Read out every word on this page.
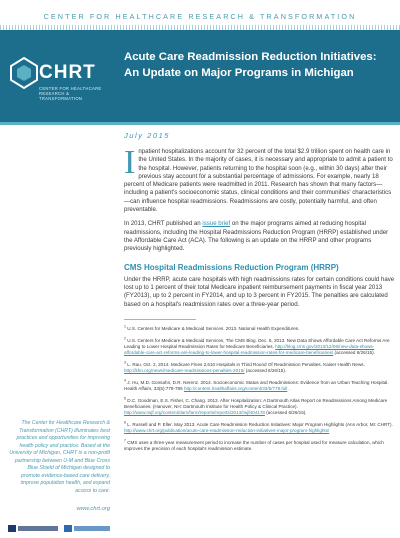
CENTER FOR HEALTHCARE RESEARCH & TRANSFORMATION
CHRT
CENTER FOR HEALTHCARE RESEARCH & TRANSFORMATION
Acute Care Readmission Reduction Initiatives:
An Update on Major Programs in Michigan
July 2015

I npatient hospitalizations account for 32 percent of the total $2.9 trillion spent on health care in the United States. In the majority of cases, it is necessary and appropriate to admit a patient to the hospital. However, patients returning to the hospital soon (e.g., within 30 days) after their previous stay account for a substantial percentage of admissions. For example, nearly 18 percent of Medicare patients were readmitted in 2011. Research has shown that many factors—including a patient's socioeconomic status, clinical conditions and their communities' characteristics—can influence hospital readmissions. Readmissions are costly, potentially harmful, and often preventable.

In 2013, CHRT published an issue brief on the major programs aimed at reducing hospital readmissions, including the Hospital Readmissions Reduction Program (HRRP) established under the Affordable Care Act (ACA). The following is an update on the HRRP and other programs previously highlighted.

CMS Hospital Readmissions Reduction Program (HRRP)

Under the HRRP, acute care hospitals with high readmissions rates for certain conditions could have lost up to 1 percent of their total Medicare inpatient reimbursement payments in fiscal year 2013 (FY2013), up to 2 percent in FY2014, and up to 3 percent in FY2015. The penalties are calculated based on a hospital's readmission rates over a three-year period.

$^1$ U.S. Centers for Medicare & Medicaid Services. 2013. National Health Expenditures.

$^2$ U.S. Centers for Medicare & Medicaid Services, The CMS Blog. Dec. 6, 2013. New Data Shows Affordable Care Act Reforms Are Leading to Lower Hospital Readmission Rates for Medicare Beneficiaries. http://blog.cms.gov/2013/12/06/new-data-shows-affordable-care-act-reforms-are-leading-to-lower-hospital-readmission-rates-for-medicare-beneficiaries/ (accessed 6/26/15).

$^3$ L. Rau. Oct. 2, 2014. Medicare Fines 2,610 Hospitals in Third Round Of Readmission Penalties. Kaiser Health News. http://khn.org/news/medicare-readmissions-penalties-2015/ (accessed 6/26/15).

$^4$ J. Hu, M.D. Gonsahn, D.R. Nerenz. 2014. Socioeconomic Status and Readmissions: Evidence from an Urban Teaching Hospital. Health Affairs, 33(5):778-785 http://content.healthaffairs.org/content/33/5/778.full .

$^5$ D.C. Goodman, E.S. Fisher, C. Chang. 2013. After Hospitalization: A Dartmouth Atlas Report on Readmissions Among Medicare Beneficiaries. (Hanover, NH: Dartmouth Institute for Health Policy & Clinical Practice). http://www.rwjf.org/content/dam/farm/reports/reports/2013/rwjf404178 (accessed 6/26/15).

$^6$ L. Russell and P. Eller. May 2013. Acute Care Readmission Reduction Initiatives: Major Program Highlights (Ann Arbor, MI: CHRT). http://www.chrt.org/publication/acute-care-readmission-reduction-initiatives-major-program-highlights/

$^7$ CMS uses a three-year measurement period to increase the number of cases per hospital used for measure calculation, which improves the precision of each hospital's readmission estimate.

The Center for Healthcare Research & Transformation (CHRT) illuminates best practices and opportunities for improving health policy and practice. Based at the University of Michigan, CHRT is a non-profit partnership between U-M and Blue Cross Blue Shield of Michigan designed to promote evidence-based care delivery, improve population health, and expand access to care.
www.chrt.org
